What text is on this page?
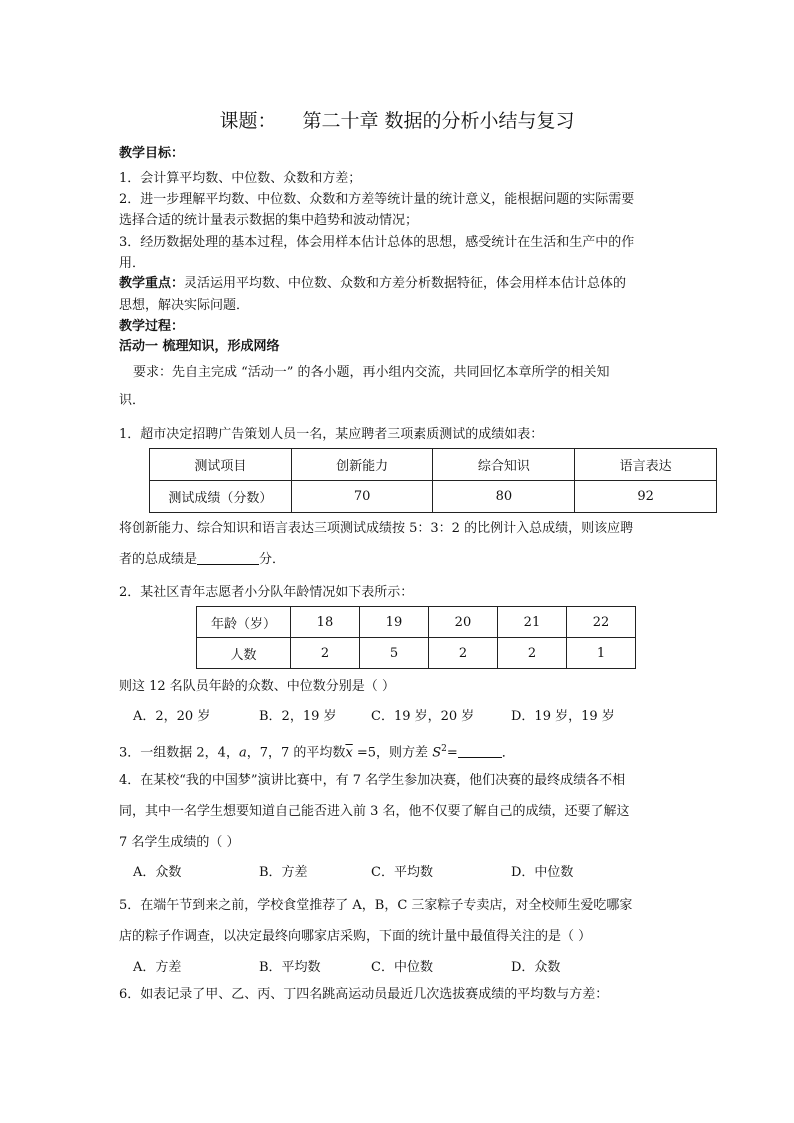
课题： 第二十章 数据的分析小结与复习
教学目标：
1．会计算平均数、中位数、众数和方差；
2．进一步理解平均数、中位数、众数和方差等统计量的统计意义，能根据问题的实际需要
选择合适的统计量表示数据的集中趋势和波动情况；
3．经历数据处理的基本过程，体会用样本估计总体的思想，感受统计在生活和生产中的作
用．
教学重点：灵活运用平均数、中位数、众数和方差分析数据特征，体会用样本估计总体的
思想，解决实际问题．
教学过程：
活动一 梳理知识，形成网络
要求：先自主完成 “活动一” 的各小题，再小组内交流，共同回忆本章所学的相关知
识．
1．超市决定招聘广告策划人员一名，某应聘者三项素质测试的成绩如表：
测试项目	创新能力	综合知识	语言表达
测试成绩（分数）	70	80	92
将创新能力、综合知识和语言表达三项测试成绩按 5：3：2 的比例计入总成绩，则该应聘
者的总成绩是	分．
2．某社区青年志愿者小分队年龄情况如下表所示：
年龄（岁）	18	19	20	21	22
人数	2	5	2	2	1
则这 12 名队员年龄的众数、中位数分别是（ ）
A．2，20 岁	B．2，19 岁	C．19 岁，20 岁	D．19 岁，19 岁
3．一组数据 2，4，a，7，7 的平均数$\overline{x} =5$，则方差 $S^2=$	．
4．在某校“我的中国梦”演讲比赛中，有 7 名学生参加决赛，他们决赛的最终成绩各不相
同，其中一名学生想要知道自己能否进入前 3 名，他不仅要了解自己的成绩，还要了解这
7 名学生成绩的（ ）
A．众数	B．方差	C．平均数	D．中位数
5．在端午节到来之前，学校食堂推荐了 A，B，C 三家粽子专卖店，对全校师生爱吃哪家
店的粽子作调查，以决定最终向哪家店采购，下面的统计量中最值得关注的是（ ）
A．方差	B．平均数	C．中位数	D．众数
6．如表记录了甲、乙、丙、丁四名跳高运动员最近几次选拔赛成绩的平均数与方差：
